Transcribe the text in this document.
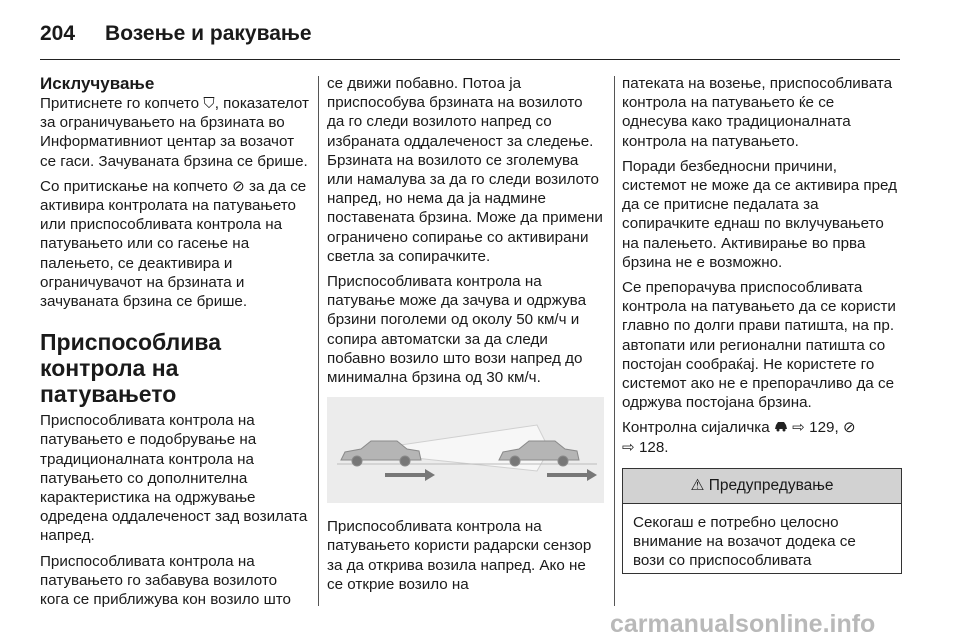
204 Возење и ракување
Исклучување

Притиснете го копчето ⛉, показателот за ограничувањето на брзината во Информативниот центар за возачот се гаси. Зачуваната брзина се брише.

Со притискање на копчето ⊘ за да се активира контролата на патувањето или приспособливата контрола на патувањето или со гасење на палењето, се деактивира и ограничувачот на брзината и зачуваната брзина се брише.

Приспособлива контрола на патувањето

Приспособливата контрола на патувањето е подобрување на традиционалната контрола на патувањето со дополнителна карактеристика на одржување одредена оддалеченост зад возилата напред.

Приспособливата контрола на патувањето го забавува возилото кога се приближува кон возило што

се движи побавно. Потоа ја приспособува брзината на возилото да го следи возилото напред со избраната оддалеченост за следење. Брзината на возилото се зголемува или намалува за да го следи возилото напред, но нема да ја надмине поставената брзина. Може да примени ограничено сопирање со активирани светла за сопирачките.

Приспособливата контрола на патување може да зачува и одржува брзини поголеми од околу 50 км/ч и сопира автоматски за да следи побавно возило што вози напред до минимална брзина од 30 км/ч.

Приспособливата контрола на патувањето користи радарски сензор за да открива возила напред. Ако не се открие возило на

патеката на возење, приспособливата контрола на патувањето ќе се однесува како традиционалната контрола на патувањето.

Поради безбедносни причини, системот не може да се активира пред да се притисне педалата за сопирачките еднаш по вклучувањето на палењето. Активирање во прва брзина не е возможно.

Се препорачува приспособливата контрола на патувањето да се користи главно по долги прави патишта, на пр. автопати или регионални патишта со постојан сообраќај. Не користете го системот ако не е препорачливо да се одржува постојана брзина.

Контролна сијаличка ⇨ 129, ⊘
⇨ 128.

⚠ Предупредување
Секогаш е потребно целосно внимание на возачот додека се вози со приспособливата
carmanualsonline.info
